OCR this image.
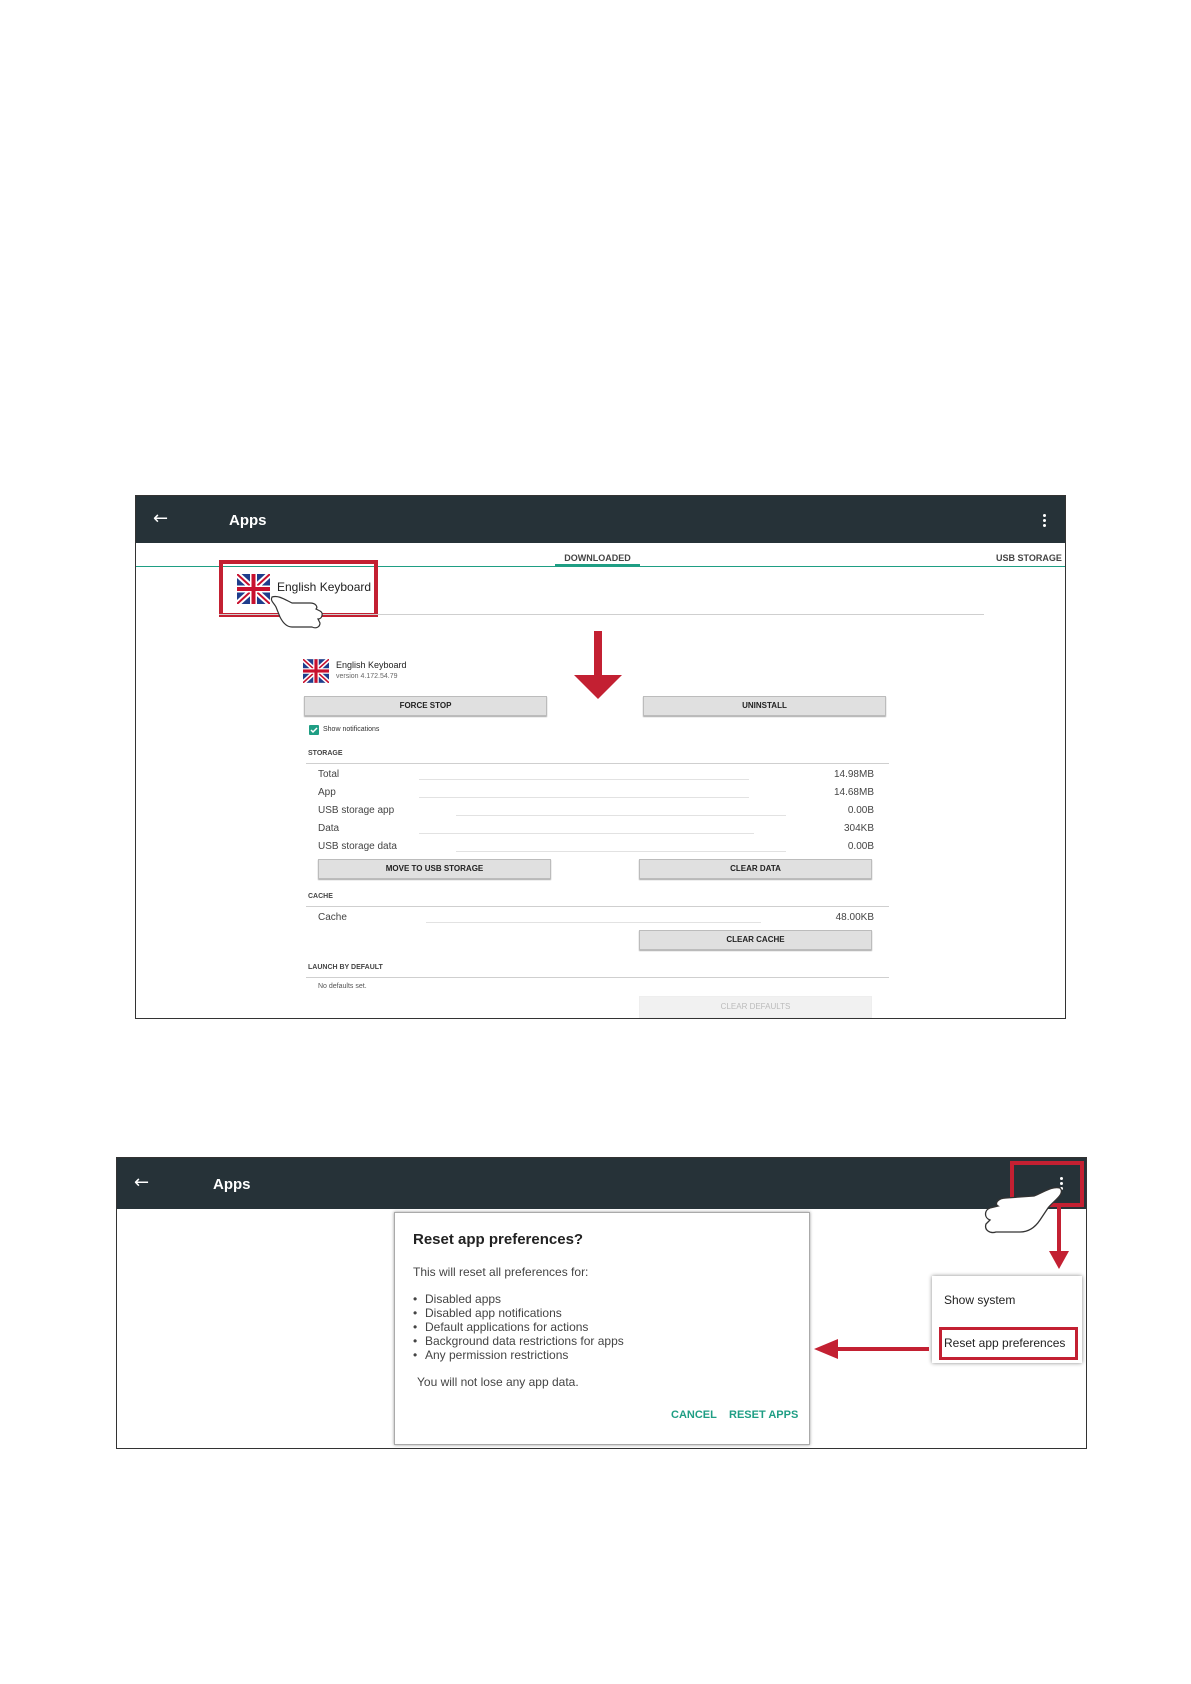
←	Apps
DOWNLOADED	USB STORAGE
English Keyboard
English Keyboard
version 4.172.54.79
FORCE STOP	UNINSTALL
Show notifications
STORAGE
Total	14.98MB
App	14.68MB
USB storage app	0.00B
Data	304KB
USB storage data	0.00B
MOVE TO USB STORAGE	CLEAR DATA
CACHE
Cache	48.00KB
CLEAR CACHE
LAUNCH BY DEFAULT
No defaults set.
CLEAR DEFAULTS
←	Apps
Show system
Reset app preferences
Reset app preferences?
This will reset all preferences for:
• Disabled apps
• Disabled app notifications
• Default applications for actions
• Background data restrictions for apps
• Any permission restrictions
You will not lose any app data.
CANCEL RESET APPS
